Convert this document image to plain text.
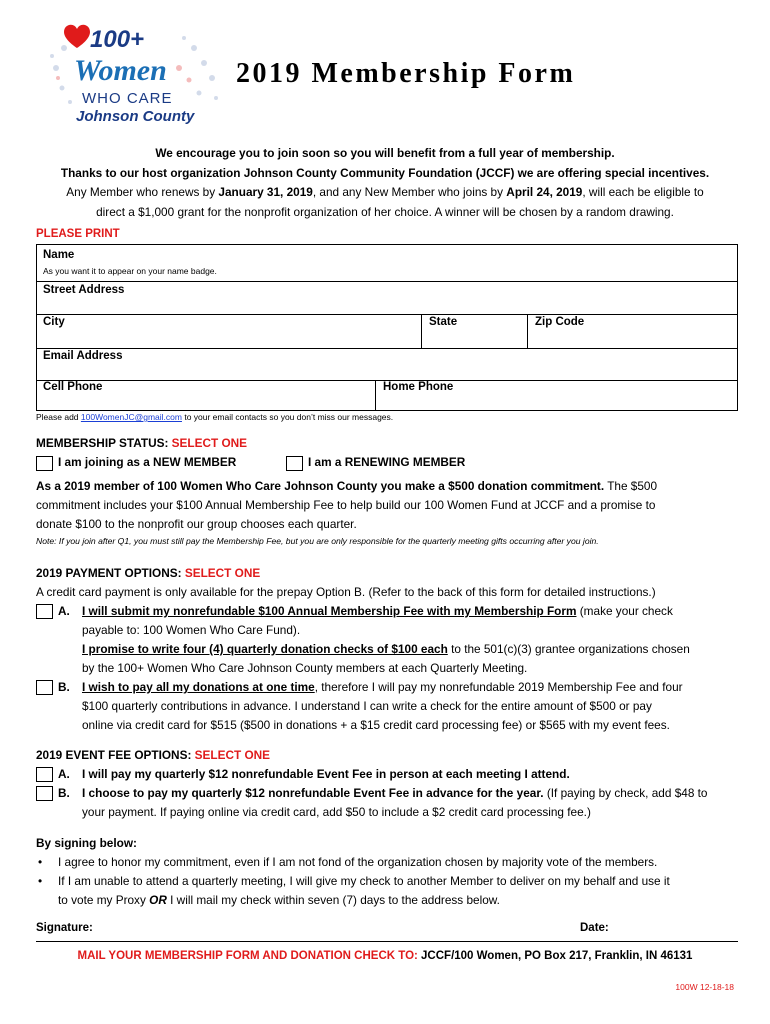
100+
Women
WHO CARE
Johnson County
2019 Membership Form
We encourage you to join soon so you will benefit from a full year of membership.
Thanks to our host organization Johnson County Community Foundation (JCCF) we are offering special incentives.
Any Member who renews by January 31, 2019, and any New Member who joins by April 24, 2019, will each be eligible to
direct a $1,000 grant for the nonprofit organization of her choice. A winner will be chosen by a random drawing.
PLEASE PRINT
Name
As you want it to appear on your name badge.
Street Address
City	State	Zip Code
Email Address
Cell Phone	Home Phone
Please add 100WomenJC@gmail.com to your email contacts so you don’t miss our messages.
MEMBERSHIP STATUS: SELECT ONE
I am joining as a NEW MEMBER	I am a RENEWING MEMBER
As a 2019 member of 100 Women Who Care Johnson County you make a $500 donation commitment. The $500
commitment includes your $100 Annual Membership Fee to help build our 100 Women Fund at JCCF and a promise to
donate $100 to the nonprofit our group chooses each quarter.
Note: If you join after Q1, you must still pay the Membership Fee, but you are only responsible for the quarterly meeting gifts occurring after you join.
2019 PAYMENT OPTIONS: SELECT ONE
A credit card payment is only available for the prepay Option B. (Refer to the back of this form for detailed instructions.)
A. I will submit my nonrefundable $100 Annual Membership Fee with my Membership Form (make your check
payable to: 100 Women Who Care Fund).
I promise to write four (4) quarterly donation checks of $100 each to the 501(c)(3) grantee organizations chosen
by the 100+ Women Who Care Johnson County members at each Quarterly Meeting.
B. I wish to pay all my donations at one time, therefore I will pay my nonrefundable 2019 Membership Fee and four
$100 quarterly contributions in advance. I understand I can write a check for the entire amount of $500 or pay
online via credit card for $515 ($500 in donations + a $15 credit card processing fee) or $565 with my event fees.
2019 EVENT FEE OPTIONS: SELECT ONE
A. I will pay my quarterly $12 nonrefundable Event Fee in person at each meeting I attend.
B. I choose to pay my quarterly $12 nonrefundable Event Fee in advance for the year. (If paying by check, add $48 to
your payment. If paying online via credit card, add $50 to include a $2 credit card processing fee.)
By signing below:
• I agree to honor my commitment, even if I am not fond of the organization chosen by majority vote of the members.
• If I am unable to attend a quarterly meeting, I will give my check to another Member to deliver on my behalf and use it
to vote my Proxy OR I will mail my check within seven (7) days to the address below.
Signature:	Date:
MAIL YOUR MEMBERSHIP FORM AND DONATION CHECK TO: JCCF/100 Women, PO Box 217, Franklin, IN 46131
100W 12-18-18
